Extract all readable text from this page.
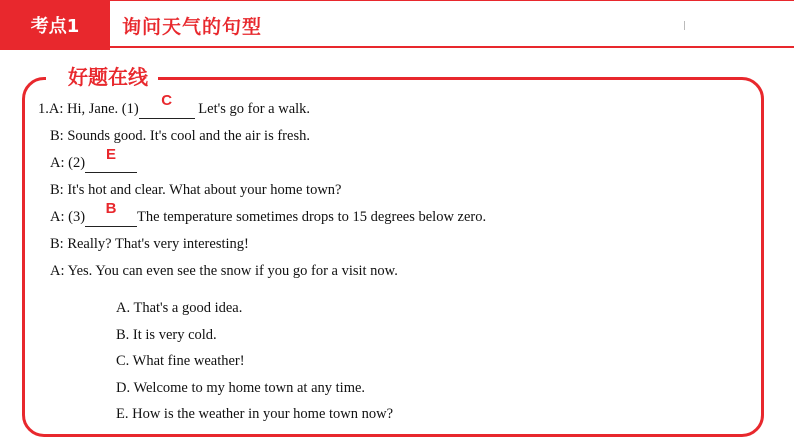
考点1	询问天气的句型
好题在线
1.A: Hi, Jane. (1)	C	Let's go for a walk.
B: Sounds good. It's cool and the air is fresh.
A: (2)	E

B: It's hot and clear. What about your home town?
A: (3)	B	The temperature sometimes drops to 15 degrees below zero.
B: Really? That's very interesting!
A: Yes. You can even see the snow if you go for a visit now.
A. That's a good idea.
B. It is very cold.
C. What fine weather!
D. Welcome to my home town at any time.
E. How is the weather in your home town now?
